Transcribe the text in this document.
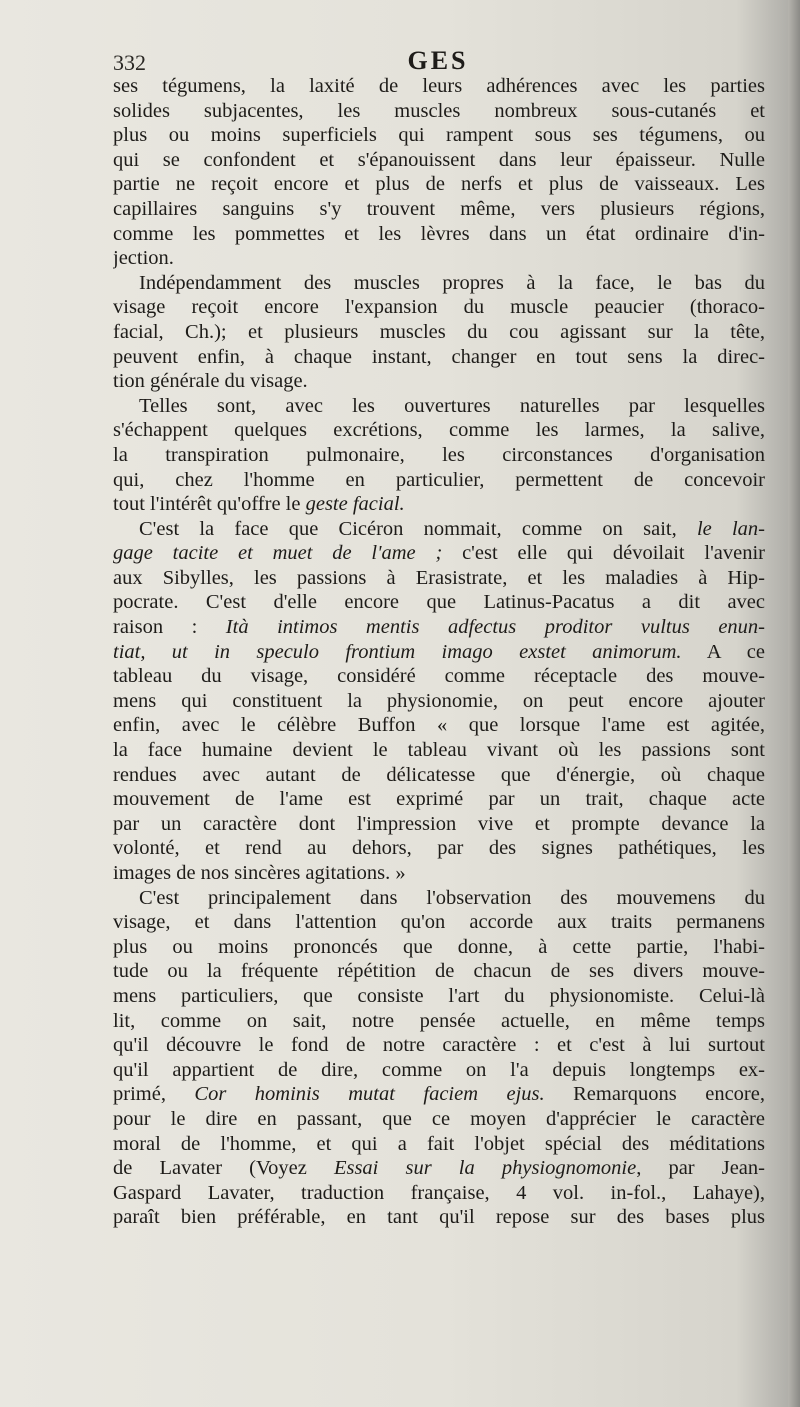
332	GES
ses tégumens, la laxité de leurs adhérences avec les parties
solides subjacentes, les muscles nombreux sous-cutanés et
plus ou moins superficiels qui rampent sous ses tégumens, ou
qui se confondent et s'épanouissent dans leur épaisseur. Nulle
partie ne reçoit encore et plus de nerfs et plus de vaisseaux. Les
capillaires sanguins s'y trouvent même, vers plusieurs régions,
comme les pommettes et les lèvres dans un état ordinaire d'in-
jection.
Indépendamment des muscles propres à la face, le bas du
visage reçoit encore l'expansion du muscle peaucier (thoraco-
facial, Ch.); et plusieurs muscles du cou agissant sur la tête,
peuvent enfin, à chaque instant, changer en tout sens la direc-
tion générale du visage.
Telles sont, avec les ouvertures naturelles par lesquelles
s'échappent quelques excrétions, comme les larmes, la salive,
la transpiration pulmonaire, les circonstances d'organisation
qui, chez l'homme en particulier, permettent de concevoir
tout l'intérêt qu'offre le geste facial.
C'est la face que Cicéron nommait, comme on sait, le lan-
gage tacite et muet de l'ame ; c'est elle qui dévoilait l'avenir
aux Sibylles, les passions à Erasistrate, et les maladies à Hip-
pocrate. C'est d'elle encore que Latinus-Pacatus a dit avec
raison : Ità intimos mentis adfectus proditor vultus enun-
tiat, ut in speculo frontium imago exstet animorum. A ce
tableau du visage, considéré comme réceptacle des mouve-
mens qui constituent la physionomie, on peut encore ajouter
enfin, avec le célèbre Buffon « que lorsque l'ame est agitée,
la face humaine devient le tableau vivant où les passions sont
rendues avec autant de délicatesse que d'énergie, où chaque
mouvement de l'ame est exprimé par un trait, chaque acte
par un caractère dont l'impression vive et prompte devance la
volonté, et rend au dehors, par des signes pathétiques, les
images de nos sincères agitations. »
C'est principalement dans l'observation des mouvemens du
visage, et dans l'attention qu'on accorde aux traits permanens
plus ou moins prononcés que donne, à cette partie, l'habi-
tude ou la fréquente répétition de chacun de ses divers mouve-
mens particuliers, que consiste l'art du physionomiste. Celui-là
lit, comme on sait, notre pensée actuelle, en même temps
qu'il découvre le fond de notre caractère : et c'est à lui surtout
qu'il appartient de dire, comme on l'a depuis longtemps ex-
primé, Cor hominis mutat faciem ejus. Remarquons encore,
pour le dire en passant, que ce moyen d'apprécier le caractère
moral de l'homme, et qui a fait l'objet spécial des méditations
de Lavater (Voyez Essai sur la physiognomonie, par Jean-
Gaspard Lavater, traduction française, 4 vol. in-fol., Lahaye),
paraît bien préférable, en tant qu'il repose sur des bases plus
